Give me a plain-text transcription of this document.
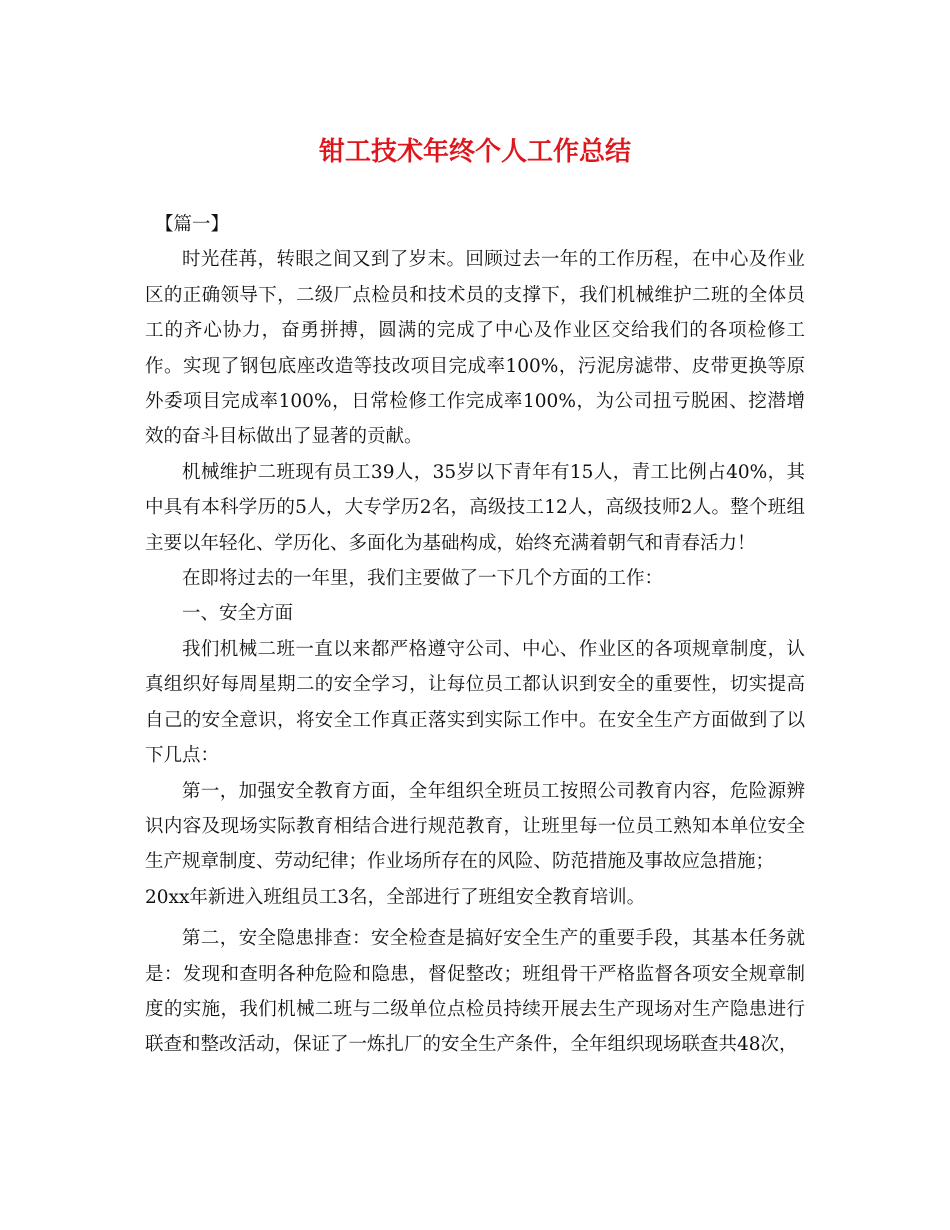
钳工技术年终个人工作总结

【篇一】

时光荏苒，转眼之间又到了岁末。回顾过去一年的工作历程，在中心及作业区的正确领导下，二级厂点检员和技术员的支撑下，我们机械维护二班的全体员工的齐心协力，奋勇拼搏，圆满的完成了中心及作业区交给我们的各项检修工作。实现了钢包底座改造等技改项目完成率100%，污泥房滤带、皮带更换等原外委项目完成率100%，日常检修工作完成率100%，为公司扭亏脱困、挖潜增效的奋斗目标做出了显著的贡献。

机械维护二班现有员工39人，35岁以下青年有15人，青工比例占40%，其中具有本科学历的5人，大专学历2名，高级技工12人，高级技师2人。整个班组主要以年轻化、学历化、多面化为基础构成，始终充满着朝气和青春活力！

在即将过去的一年里，我们主要做了一下几个方面的工作：

一、安全方面

我们机械二班一直以来都严格遵守公司、中心、作业区的各项规章制度，认真组织好每周星期二的安全学习，让每位员工都认识到安全的重要性，切实提高自己的安全意识，将安全工作真正落实到实际工作中。在安全生产方面做到了以下几点：

第一，加强安全教育方面，全年组织全班员工按照公司教育内容，危险源辨识内容及现场实际教育相结合进行规范教育，让班里每一位员工熟知本单位安全生产规章制度、劳动纪律；作业场所存在的风险、防范措施及事故应急措施；

20xx年新进入班组员工3名，全部进行了班组安全教育培训。

第二，安全隐患排查：安全检查是搞好安全生产的重要手段，其基本任务就是：发现和查明各种危险和隐患，督促整改；班组骨干严格监督各项安全规章制度的实施，我们机械二班与二级单位点检员持续开展去生产现场对生产隐患进行联查和整改活动，保证了一炼扎厂的安全生产条件，全年组织现场联查共48次，
